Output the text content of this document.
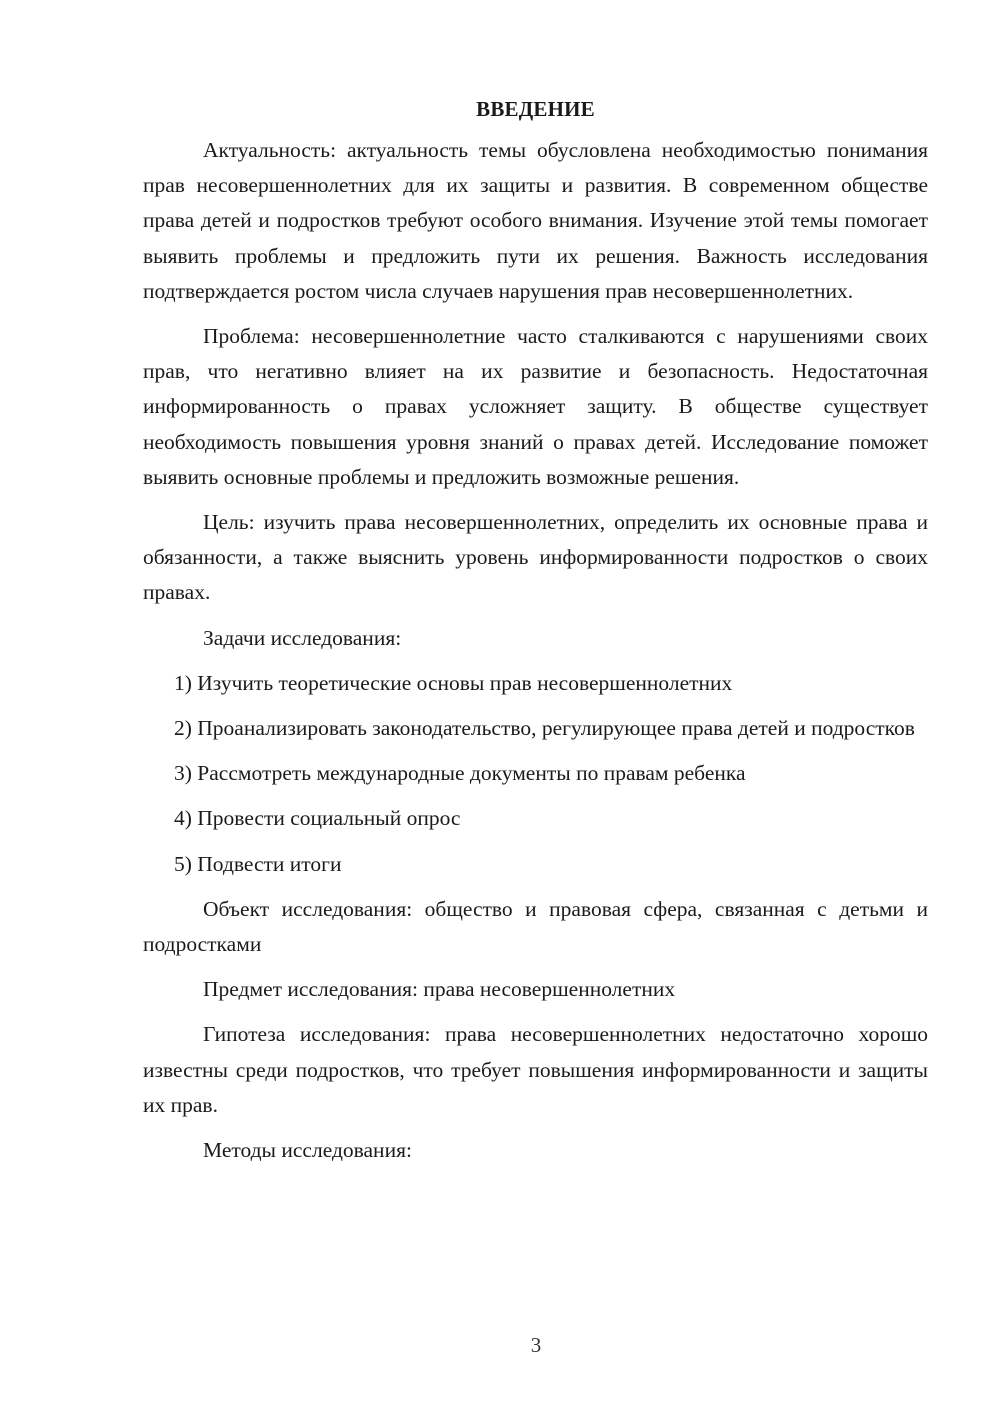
ВВЕДЕНИЕ

Актуальность: актуальность темы обусловлена необходимостью понимания прав несовершеннолетних для их защиты и развития. В современном обществе права детей и подростков требуют особого внимания. Изучение этой темы помогает выявить проблемы и предложить пути их решения. Важность исследования подтверждается ростом числа случаев нарушения прав несовершеннолетних.

Проблема: несовершеннолетние часто сталкиваются с нарушениями своих прав, что негативно влияет на их развитие и безопасность. Недостаточная информированность о правах усложняет защиту. В обществе существует необходимость повышения уровня знаний о правах детей. Исследование поможет выявить основные проблемы и предложить возможные решения.

Цель: изучить права несовершеннолетних, определить их основные права и обязанности, а также выяснить уровень информированности подростков о своих правах.

Задачи исследования:

1) Изучить теоретические основы прав несовершеннолетних

2) Проанализировать законодательство, регулирующее права детей и подростков

3) Рассмотреть международные документы по правам ребенка

4) Провести социальный опрос

5) Подвести итоги

Объект исследования: общество и правовая сфера, связанная с детьми и подростками

Предмет исследования: права несовершеннолетних

Гипотеза исследования: права несовершеннолетних недостаточно хорошо известны среди подростков, что требует повышения информированности и защиты их прав.

Методы исследования:

3
